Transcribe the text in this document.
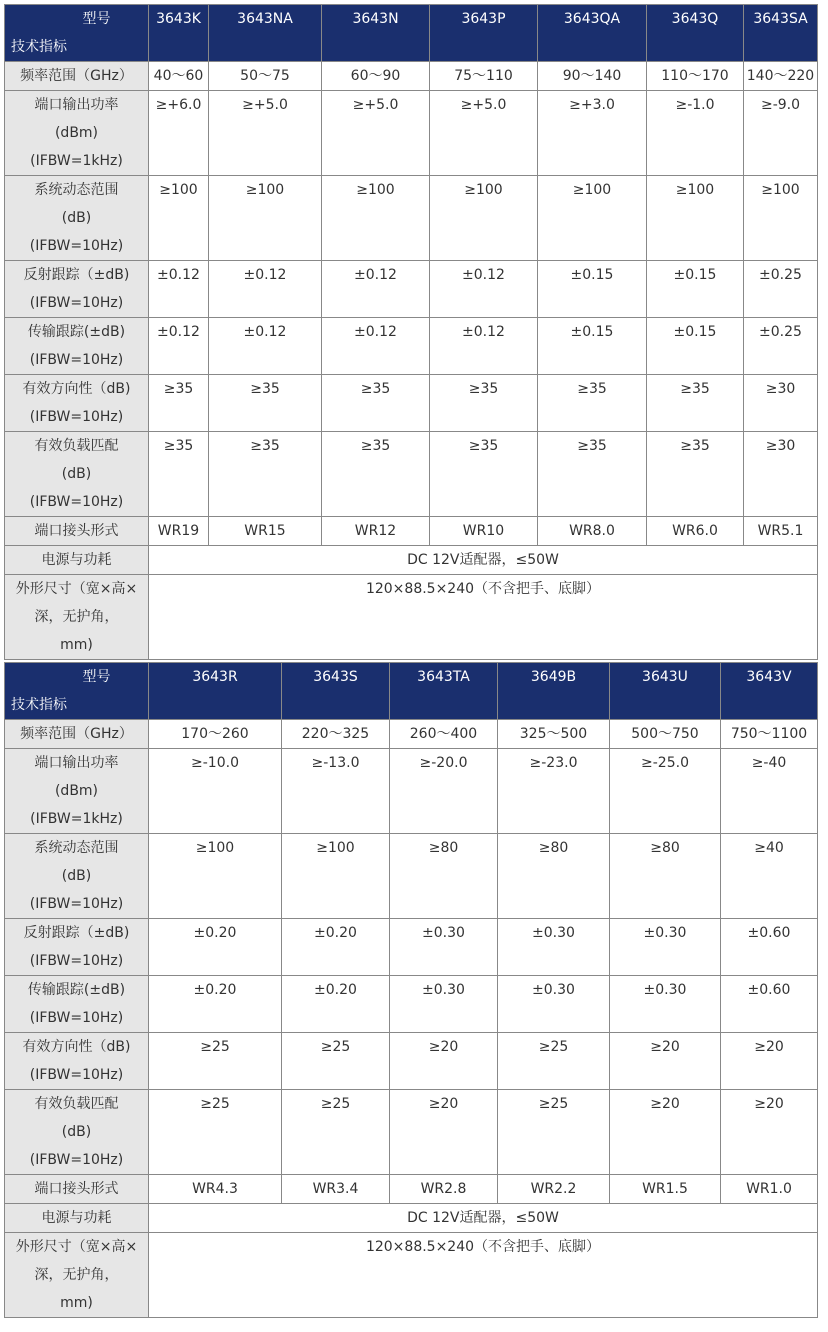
型号
技术指标	3643K	3643NA	3643N	3643P	3643QA	3643Q	3643SA
频率范围（GHz）	40～60	50～75	60～90	75～110	90～140	110～170	140～220

端口输出功率
(dBm)
(IFBW=1kHz)	≥+6.0	≥+5.0	≥+5.0	≥+5.0	≥+3.0	≥-1.0	≥-9.0

系统动态范围
(dB)
(IFBW=10Hz)	≥100	≥100	≥100	≥100	≥100	≥100	≥100

反射跟踪（±dB)
(IFBW=10Hz)	±0.12	±0.12	±0.12	±0.12	±0.15	±0.15	±0.25

传输跟踪(±dB)
(IFBW=10Hz)	±0.12	±0.12	±0.12	±0.12	±0.15	±0.15	±0.25

有效方向性（dB)
(IFBW=10Hz)	≥35	≥35	≥35	≥35	≥35	≥35	≥30

有效负载匹配
(dB)
(IFBW=10Hz)	≥35	≥35	≥35	≥35	≥35	≥35	≥30
端口接头形式	WR19	WR15	WR12	WR10	WR8.0	WR6.0	WR5.1
电源与功耗	DC 12V适配器，≤50W						

外形尺寸（宽×高×
深，无护角，
mm)	120×88.5×240（不含把手、底脚）						
型号
技术指标	3643R	3643S	3643TA	3649B	3643U	3643V
频率范围（GHz）	170～260	220～325	260～400	325～500	500～750	750～1100

端口输出功率
(dBm)
(IFBW=1kHz)	≥-10.0	≥-13.0	≥-20.0	≥-23.0	≥-25.0	≥-40

系统动态范围
(dB)
(IFBW=10Hz)	≥100	≥100	≥80	≥80	≥80	≥40

反射跟踪（±dB)
(IFBW=10Hz)	±0.20	±0.20	±0.30	±0.30	±0.30	±0.60

传输跟踪(±dB)
(IFBW=10Hz)	±0.20	±0.20	±0.30	±0.30	±0.30	±0.60

有效方向性（dB)
(IFBW=10Hz)	≥25	≥25	≥20	≥25	≥20	≥20

有效负载匹配
(dB)
(IFBW=10Hz)	≥25	≥25	≥20	≥25	≥20	≥20
端口接头形式	WR4.3	WR3.4	WR2.8	WR2.2	WR1.5	WR1.0
电源与功耗	DC 12V适配器，≤50W					

外形尺寸（宽×高×
深，无护角，
mm)	120×88.5×240（不含把手、底脚）					
